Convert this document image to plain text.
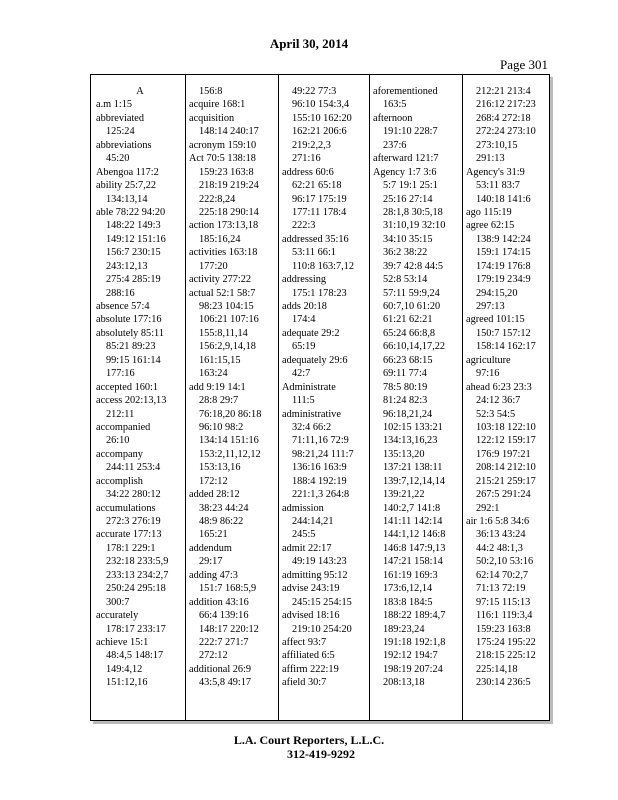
April 30, 2014
Page 301
A
a.m 1:15
abbreviated
125:24
abbreviations
45:20
Abengoa 117:2
ability 25:7,22
134:13,14
able 78:22 94:20
148:22 149:3
149:12 151:16
156:7 230:15
243:12,13
275:4 285:19
288:16
absence 57:4
absolute 177:16
absolutely 85:11
85:21 89:23
99:15 161:14
177:16
accepted 160:1
access 202:13,13
212:11
accompanied
26:10
accompany
244:11 253:4
accomplish
34:22 280:12
accumulations
272:3 276:19
accurate 177:13
178:1 229:1
232:18 233:5,9
233:13 234:2,7
250:24 295:18
300:7
accurately
178:17 233:17
achieve 15:1
48:4,5 148:17
149:4,12
151:12,16
156:8
acquire 168:1
acquisition
148:14 240:17
acronym 159:10
Act 70:5 138:18
159:23 163:8
218:19 219:24
222:8,24
225:18 290:14
action 173:13,18
185:16,24
activities 163:18
177:20
activity 277:22
actual 52:1 58:7
98:23 104:15
106:21 107:16
155:8,11,14
156:2,9,14,18
161:15,15
163:24
add 9:19 14:1
28:8 29:7
76:18,20 86:18
96:10 98:2
134:14 151:16
153:2,11,12,12
153:13,16
172:12
added 28:12
38:23 44:24
48:9 86:22
165:21
addendum
29:17
adding 47:3
151:7 168:5,9
addition 43:16
66:4 139:16
148:17 220:12
222:7 271:7
272:12
additional 26:9
43:5,8 49:17
49:22 77:3
96:10 154:3,4
155:10 162:20
162:21 206:6
219:2,2,3
271:16
address 60:6
62:21 65:18
96:17 175:19
177:11 178:4
222:3
addressed 35:16
53:11 66:1
110:8 163:7,12
addressing
175:1 178:23
adds 20:18
174:4
adequate 29:2
65:19
adequately 29:6
42:7
Administrate
111:5
administrative
32:4 66:2
71:11,16 72:9
98:21,24 111:7
136:16 163:9
188:4 192:19
221:1,3 264:8
admission
244:14,21
245:5
admit 22:17
49:19 143:23
admitting 95:12
advise 243:19
245:15 254:15
advised 18:16
219:10 254:20
affect 93:7
affiliated 6:5
affirm 222:19
afield 30:7
aforementioned
163:5
afternoon
191:10 228:7
237:6
afterward 121:7
Agency 1:7 3:6
5:7 19:1 25:1
25:16 27:14
28:1,8 30:5,18
31:10,19 32:10
34:10 35:15
36:2 38:22
39:7 42:8 44:5
52:8 53:14
57:11 59:9,24
60:7,10 61:20
61:21 62:21
65:24 66:8,8
66:10,14,17,22
66:23 68:15
69:11 77:4
78:5 80:19
81:24 82:3
96:18,21,24
102:15 133:21
134:13,16,23
135:13,20
137:21 138:11
139:7,12,14,14
139:21,22
140:2,7 141:8
141:11 142:14
144:1,12 146:8
146:8 147:9,13
147:21 158:14
161:19 169:3
173:6,12,14
183:8 184:5
188:22 189:4,7
189:23,24
191:18 192:1,8
192:12 194:7
198:19 207:24
208:13,18
212:21 213:4
216:12 217:23
268:4 272:18
272:24 273:10
273:10,15
291:13
Agency's 31:9
53:11 83:7
140:18 141:6
ago 115:19
agree 62:15
138:9 142:24
159:1 174:15
174:19 176:8
179:19 234:9
294:15,20
297:13
agreed 101:15
150:7 157:12
158:14 162:17
agriculture
97:16
ahead 6:23 23:3
24:12 36:7
52:3 54:5
103:18 122:10
122:12 159:17
176:9 197:21
208:14 212:10
215:21 259:17
267:5 291:24
292:1
air 1:6 5:8 34:6
36:13 43:24
44:2 48:1,3
50:2,10 53:16
62:14 70:2,7
71:13 72:19
97:15 115:13
116:1 119:3,4
159:23 163:8
175:24 195:22
218:15 225:12
225:14,18
230:14 236:5
L.A. Court Reporters, L.L.C.
312-419-9292
